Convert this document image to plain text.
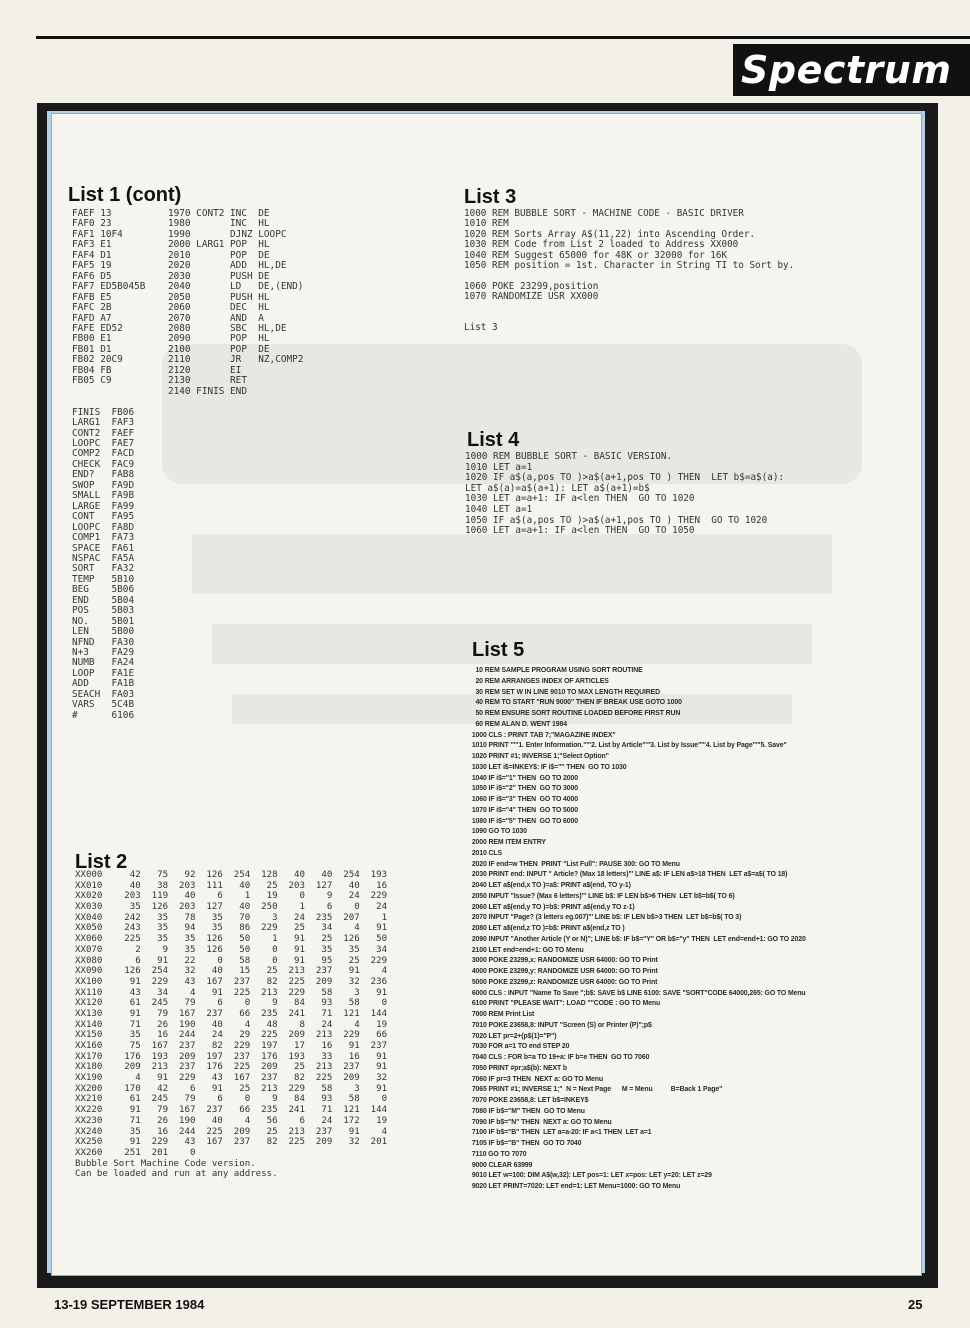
Spectrum
List 1 (cont)
FAEF 13          1970 CONT2 INC  DE
FAF0 23          1980       INC  HL
FAF1 10F4        1990       DJNZ LOOPC
FAF3 E1          2000 LARG1 POP  HL
FAF4 D1          2010       POP  DE
FAF5 19          2020       ADD  HL,DE
FAF6 D5          2030       PUSH DE
FAF7 ED5B045B    2040       LD   DE,(END)
FAFB E5          2050       PUSH HL
FAFC 2B          2060       DEC  HL
FAFD A7          2070       AND  A
FAFE ED52        2080       SBC  HL,DE
FB00 E1          2090       POP  HL
FB01 D1          2100       POP  DE
FB02 20C9        2110       JR   NZ,COMP2
FB04 FB          2120       EI
FB05 C9          2130       RET
2140 FINIS END

FINIS  FB06
LARG1  FAF3
CONT2  FAEF
LOOPC  FAE7
COMP2  FACD
CHECK  FAC9
END?   FAB8
SWOP   FA9D
SMALL  FA9B
LARGE  FA99
CONT   FA95
LOOPC  FA8D
COMP1  FA73
SPACE  FA61
NSPAC  FA5A
SORT   FA32
TEMP   5B10
BEG    5B06
END    5B04
POS    5B03
NO.    5B01
LEN    5B00
NFND   FA30
N+3    FA29
NUMB   FA24
LOOP   FA1E
ADD    FA1B
SEACH  FA03
VARS   5C4B
#      6106
List 3
1000 REM BUBBLE SORT - MACHINE CODE - BASIC DRIVER
1010 REM
1020 REM Sorts Array A$(11,22) into Ascending Order.
1030 REM Code from List 2 loaded to Address XX000
1040 REM Suggest 65000 for 48K or 32000 for 16K
1050 REM position = 1st. Character in String TI to Sort by.

1060 POKE 23299,position
1070 RANDOMIZE USR XX000

List 3
List 4
1000 REM BUBBLE SORT - BASIC VERSION.
1010 LET a=1
1020 IF a$(a,pos TO )>a$(a+1,pos TO ) THEN  LET b$=a$(a):
LET a$(a)=a$(a+1): LET a$(a+1)=b$
1030 LET a=a+1: IF a<len THEN  GO TO 1020
1040 LET a=1
1050 IF a$(a,pos TO )>a$(a+1,pos TO ) THEN  GO TO 1020
1060 LET a=a+1: IF a<len THEN  GO TO 1050
List 5
10 REM SAMPLE PROGRAM USING SORT ROUTINE
20 REM ARRANGES INDEX OF ARTICLES
30 REM SET W IN LINE 9010 TO MAX LENGTH REQUIRED
40 REM TO START "RUN 9000" THEN IF BREAK USE GOTO 1000
50 REM ENSURE SORT ROUTINE LOADED BEFORE FIRST RUN
60 REM ALAN D. WENT 1984
1000 CLS : PRINT TAB 7;"MAGAZINE INDEX"
1010 PRINT '''"1. Enter Information."'"2. List by Article"'"3. List by Issue"'"4. List by Page"'"5. Save"
1020 PRINT #1; INVERSE 1;"Select Option"
1030 LET i$=INKEY$: IF i$="" THEN  GO TO 1030
1040 IF i$="1" THEN  GO TO 2000
1050 IF i$="2" THEN  GO TO 3000
1060 IF i$="3" THEN  GO TO 4000
1070 IF i$="4" THEN  GO TO 5000
1080 IF i$="5" THEN  GO TO 6000
1090 GO TO 1030
2000 REM ITEM ENTRY
2010 CLS
2020 IF end=w THEN  PRINT "List Full": PAUSE 300: GO TO Menu
2030 PRINT end: INPUT " Article? (Max 18 letters)"' LINE a$: IF LEN a$>18 THEN  LET a$=a$( TO 18)
2040 LET a$(end,x TO )=a$: PRINT a$(end, TO y-1)
2050 INPUT "Issue? (Max 6 letters)"' LINE b$: IF LEN b$>6 THEN  LET b$=b$( TO 6)
2060 LET a$(end,y TO )=b$: PRINT a$(end,y TO z-1)
2070 INPUT "Page? (3 letters eg.007)"' LINE b$: IF LEN b$>3 THEN  LET b$=b$( TO 3)
2080 LET a$(end,z TO )=b$: PRINT a$(end,z TO )
2090 INPUT "Another Article (Y or N)"; LINE b$: IF b$="Y" OR b$="y" THEN  LET end=end+1: GO TO 2020
2100 LET end=end+1: GO TO Menu
3000 POKE 23299,x: RANDOMIZE USR 64000: GO TO Print
4000 POKE 23299,y: RANDOMIZE USR 64000: GO TO Print
5000 POKE 23299,z: RANDOMIZE USR 64000: GO TO Print
6000 CLS : INPUT "Name To Save ";b$: SAVE b$ LINE 6100: SAVE "SORT"CODE 64000,265: GO TO Menu
6100 PRINT "PLEASE WAIT": LOAD ""CODE : GO TO Menu
7000 REM Print List
7010 POKE 23658,8: INPUT "Screen (S) or Printer (P)";p$
7020 LET pr=2+(p$(1)="P")
7030 FOR a=1 TO end STEP 20
7040 CLS : FOR b=a TO 19+a: IF b=e THEN  GO TO 7060
7050 PRINT #pr;a$(b): NEXT b
7060 IF pr=3 THEN  NEXT a: GO TO Menu
7065 PRINT #1; INVERSE 1;"  N = Next Page      M = Menu          B=Back 1 Page"
7070 POKE 23658,8: LET b$=INKEY$
7080 IF b$="M" THEN  GO TO Menu
7090 IF b$="N" THEN  NEXT a: GO TO Menu
7100 IF b$="B" THEN  LET a=a-20: IF a<1 THEN  LET a=1
7105 IF b$="B" THEN  GO TO 7040
7110 GO TO 7070
9000 CLEAR 63999
9010 LET w=100: DIM A$(w,32): LET pos=1: LET x=pos: LET y=20: LET z=29
9020 LET PRINT=7020: LET end=1: LET Menu=1000: GO TO Menu
List 2
XX000     42   75   92  126  254  128   40   40  254  193
XX010     40   38  203  111   40   25  203  127   40   16
XX020    203  119   40    6    1   19    0    9   24  229
XX030     35  126  203  127   40  250    1    6    0   24
XX040    242   35   78   35   70    3   24  235  207    1
XX050    243   35   94   35   86  229   25   34    4   91
XX060    225   35   35  126   50    1   91   25  126   50
XX070      2    9   35  126   50    0   91   35   35   34
XX080      6   91   22    0   58    0   91   95   25  229
XX090    126  254   32   40   15   25  213  237   91    4
XX100     91  229   43  167  237   82  225  209   32  236
XX110     43   34    4   91  225  213  229   58    3   91
XX120     61  245   79    6    0    9   84   93   58    0
XX130     91   79  167  237   66  235  241   71  121  144
XX140     71   26  190   40    4   48    8   24    4   19
XX150     35   16  244   24   29  225  209  213  229   66
XX160     75  167  237   82  229  197   17   16   91  237
XX170    176  193  209  197  237  176  193   33   16   91
XX180    209  213  237  176  225  209   25  213  237   91
XX190      4   91  229   43  167  237   82  225  209   32
XX200    170   42    6   91   25  213  229   58    3   91
XX210     61  245   79    6    0    9   84   93   58    0
XX220     91   79  167  237   66  235  241   71  121  144
XX230     71   26  190   40    4   56    6   24  172   19
XX240     35   16  244  225  209   25  213  237   91    4
XX250     91  229   43  167  237   82  225  209   32  201
XX260    251  201    0
Bubble Sort Machine Code version.
Can be loaded and run at any address.
13-19 SEPTEMBER 1984	25
